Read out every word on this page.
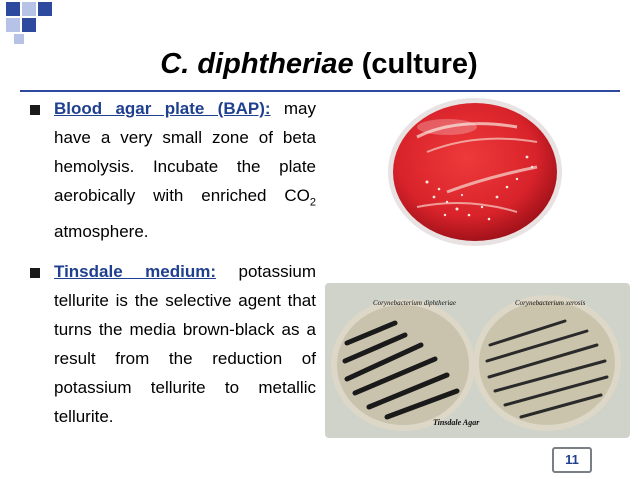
C. diphtheriae (culture)
Blood agar plate (BAP): may have a very small zone of beta hemolysis. Incubate the plate aerobically with enriched $CO_2$ atmosphere.
Tinsdale medium: potassium tellurite is the selective agent that turns the media brown-black as a result from the reduction of potassium tellurite to metallic tellurite.
Corynebacterium diphtheriae	Corynebacterium xerosis
Tinsdale Agar
11
